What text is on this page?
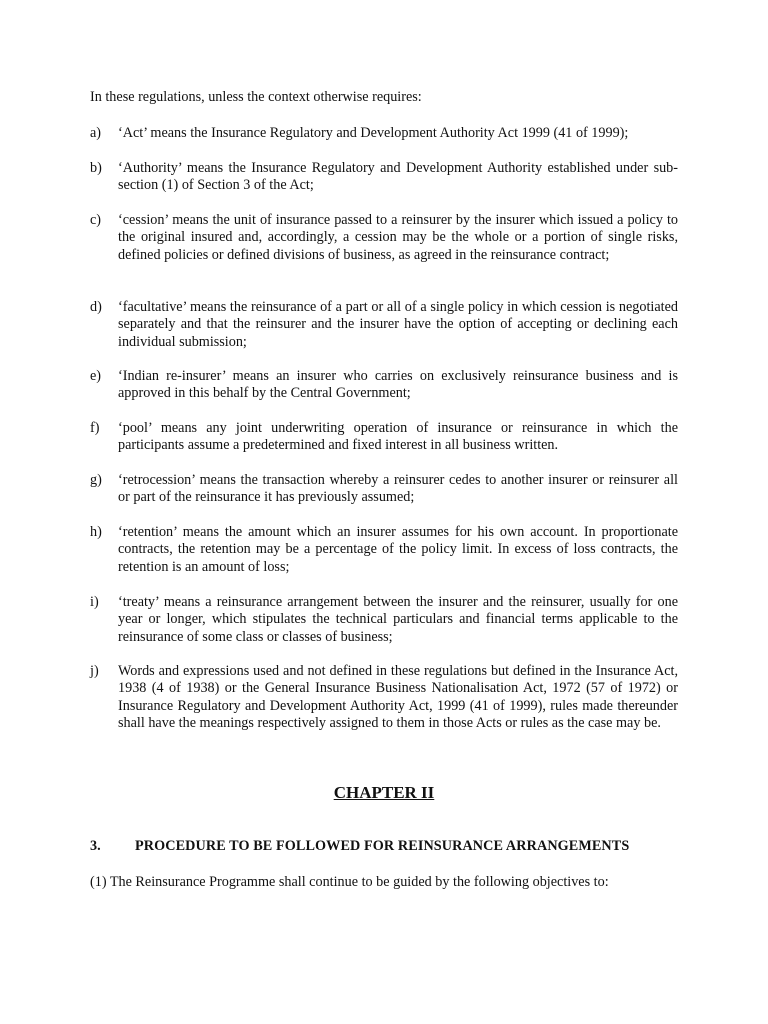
In these regulations, unless the context otherwise requires:
a)	‘Act’ means the Insurance Regulatory and Development Authority Act 1999 (41 of 1999);
b)	‘Authority’ means the Insurance Regulatory and Development Authority established under sub-section (1) of Section 3 of the Act;
c)	‘cession’ means the unit of insurance passed to a reinsurer by the insurer which issued a policy to the original insured and, accordingly, a cession may be the whole or a portion of single risks, defined policies or defined divisions of business, as agreed in the reinsurance contract;
d)	‘facultative’ means the reinsurance of a part or all of a single policy in which cession is negotiated separately and that the reinsurer and the insurer have the option of accepting or declining each individual submission;
e)	‘Indian re-insurer’ means an insurer who carries on exclusively reinsurance business and is approved in this behalf by the Central Government;
f)	‘pool’ means any joint underwriting operation of insurance or reinsurance in which the participants assume a predetermined and fixed interest in all business written.
g)	‘retrocession’ means the transaction whereby a reinsurer cedes to another insurer or reinsurer all or part of the reinsurance it has previously assumed;
h)	‘retention’ means the amount which an insurer assumes for his own account. In proportionate contracts, the retention may be a percentage of the policy limit. In excess of loss contracts, the retention is an amount of loss;
i)	‘treaty’ means a reinsurance arrangement between the insurer and the reinsurer, usually for one year or longer, which stipulates the technical particulars and financial terms applicable to the reinsurance of some class or classes of business;
j)	Words and expressions used and not defined in these regulations but defined in the Insurance Act, 1938 (4 of 1938) or the General Insurance Business Nationalisation Act, 1972 (57 of 1972) or Insurance Regulatory and Development Authority Act, 1999 (41 of 1999), rules made thereunder shall have the meanings respectively assigned to them in those Acts or rules as the case may be.
CHAPTER II
3. PROCEDURE TO BE FOLLOWED FOR REINSURANCE ARRANGEMENTS
(1) The Reinsurance Programme shall continue to be guided by the following objectives to:
